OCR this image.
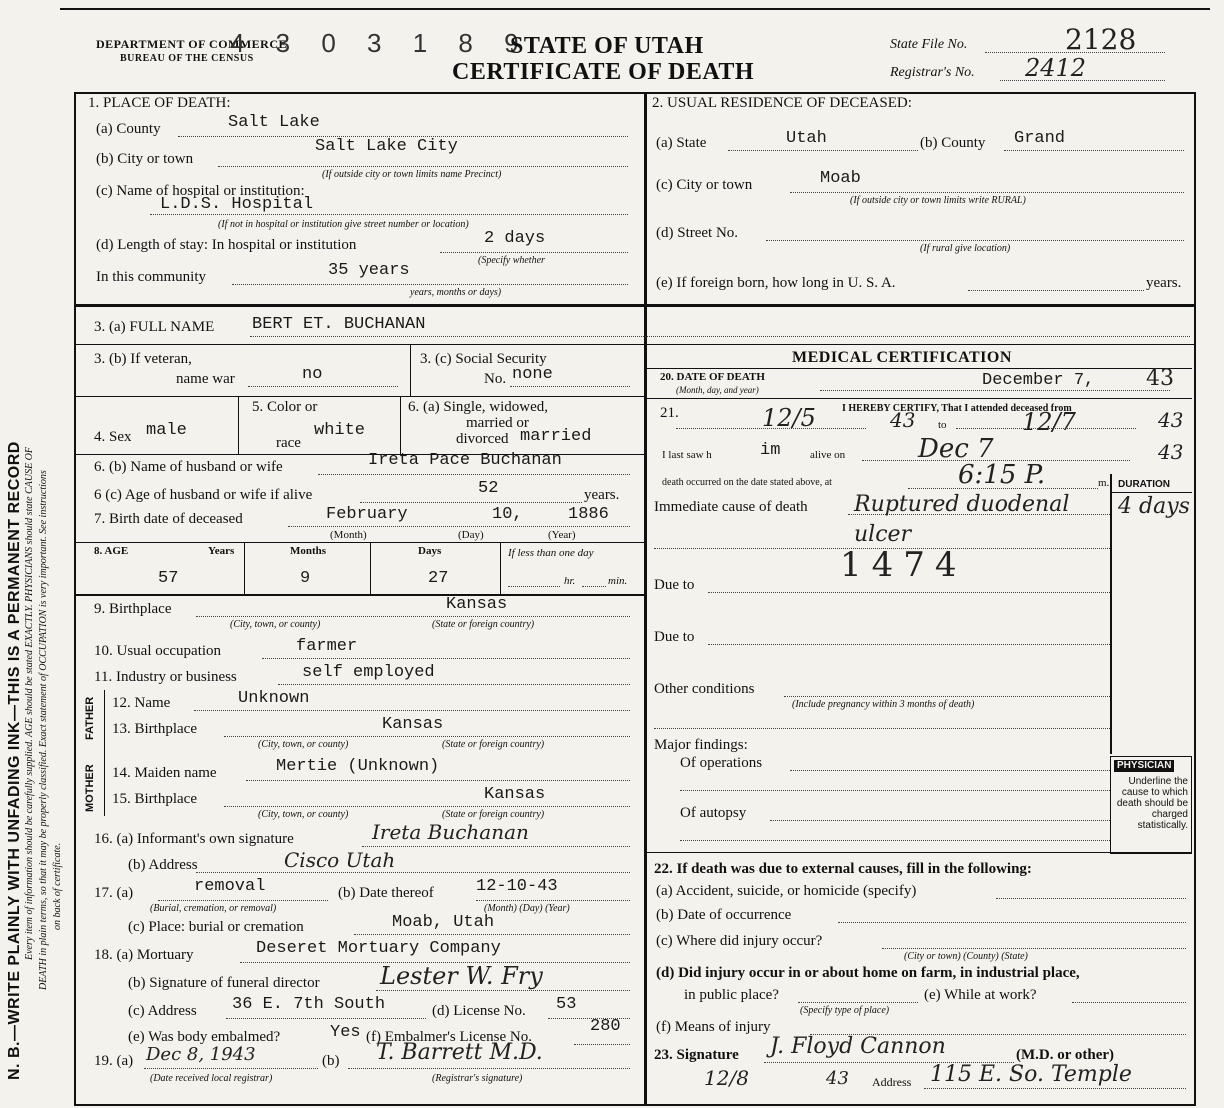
DEPARTMENT OF COMMERCE
BUREAU OF THE CENSUS
4 3 0 3 1 8 9
STATE OF UTAH
CERTIFICATE OF DEATH
State File No.	2128
Registrar's No. 2412
N. B.—WRITE PLAINLY WITH UNFADING INK—THIS IS A PERMANENT RECORD Every item of information should be carefully supplied. AGE should be stated EXACTLY. PHYSICIANS should state CAUSE OF DEATH in plain terms, so that it may be properly classified. Exact statement of OCCUPATION is very important. See instructions on back of certificate.
1. PLACE OF DEATH:
(a) County	Salt Lake
(b) City or town
Salt Lake City
(If outside city or town limits name Precinct)
(c) Name of hospital or institution:
L.D.S. Hospital
(If not in hospital or institution give street number or location)
(d) Length of stay: In hospital or institution	2 days
(Specify whether
In this community	35 years
years, months or days)
2. USUAL RESIDENCE OF DECEASED:
(a) State	Utah	(b) County Grand
(c) City or town	Moab
(If outside city or town limits write RURAL)
(d) Street No.
(If rural give location)
(e) If foreign born, how long in U. S. A.	years.
3. (a) FULL NAME BERT ET. BUCHANAN
3. (b) If veteran,
name war	no
3. (c) Social Security
No. none
4. Sex male
5. Color or
race
white
6. (a) Single, widowed,
married or
divorced married
6. (b) Name of husband or wife	Ireta Pace Buchanan
6 (c) Age of husband or wife if alive	52	years.
7. Birth date of deceased	February	10,	1886
(Month)	(Day)	(Year)
8. AGE	Years	Months	Days	If less than one day
57	9	27	hr.	min.
9. Birthplace	Kansas
(City, town, or county)	(State or foreign country)
10. Usual occupation	farmer
11. Industry or business	self employed
FATHER
MOTHER
12. Name	Unknown
13. Birthplace	Kansas
(City, town, or county)	(State or foreign country)
14. Maiden name	Mertie (Unknown)
15. Birthplace	Kansas
(City, town, or county)	(State or foreign country)
16. (a) Informant's own signature	Ireta Buchanan
(b) Address	Cisco Utah
17. (a)	removal
(Burial, cremation, or removal)
(b) Date thereof 12-10-43
(Month) (Day) (Year)
(c) Place: burial or cremation	Moab, Utah
18. (a) Mortuary	Deseret Mortuary Company
(b) Signature of funeral director	Lester W. Fry
(c) Address 36 E. 7th South	(d) License No. 53
(e) Was body embalmed?	Yes (f) Embalmer's License No.
280
19. (a) Dec 8, 1943
(Date received local registrar)
(b) T. Barrett M.D.
(Registrar's signature)
MEDICAL CERTIFICATION
20. DATE OF DEATH
(Month, day, and year)	December 7, 43
21.	12/5	43
I HEREBY CERTIFY, That I attended deceased from
to	12/7	43
I last saw h	im	alive on	Dec 7	43
death occurred on the date stated above, at	6:15 P.	m. DURATION
Immediate cause of death Ruptured duodenal ulcer
4 days
1474
Due to
Due to
Other conditions
(Include pregnancy within 3 months of death)
Major findings:
Of operations
Of autopsy
PHYSICIAN
Underline the cause to which death should be charged statistically.
22. If death was due to external causes, fill in the following:
(a) Accident, suicide, or homicide (specify)
(b) Date of occurrence
(c) Where did injury occur?
(City or town) (County) (State)
(d) Did injury occur in or about home on farm, in industrial place,
in public place?
(Specify type of place)
(e) While at work?
(f) Means of injury
23. Signature J. Floyd Cannon	(M.D. or other)
12/8	43 Address 115 E. So. Temple
